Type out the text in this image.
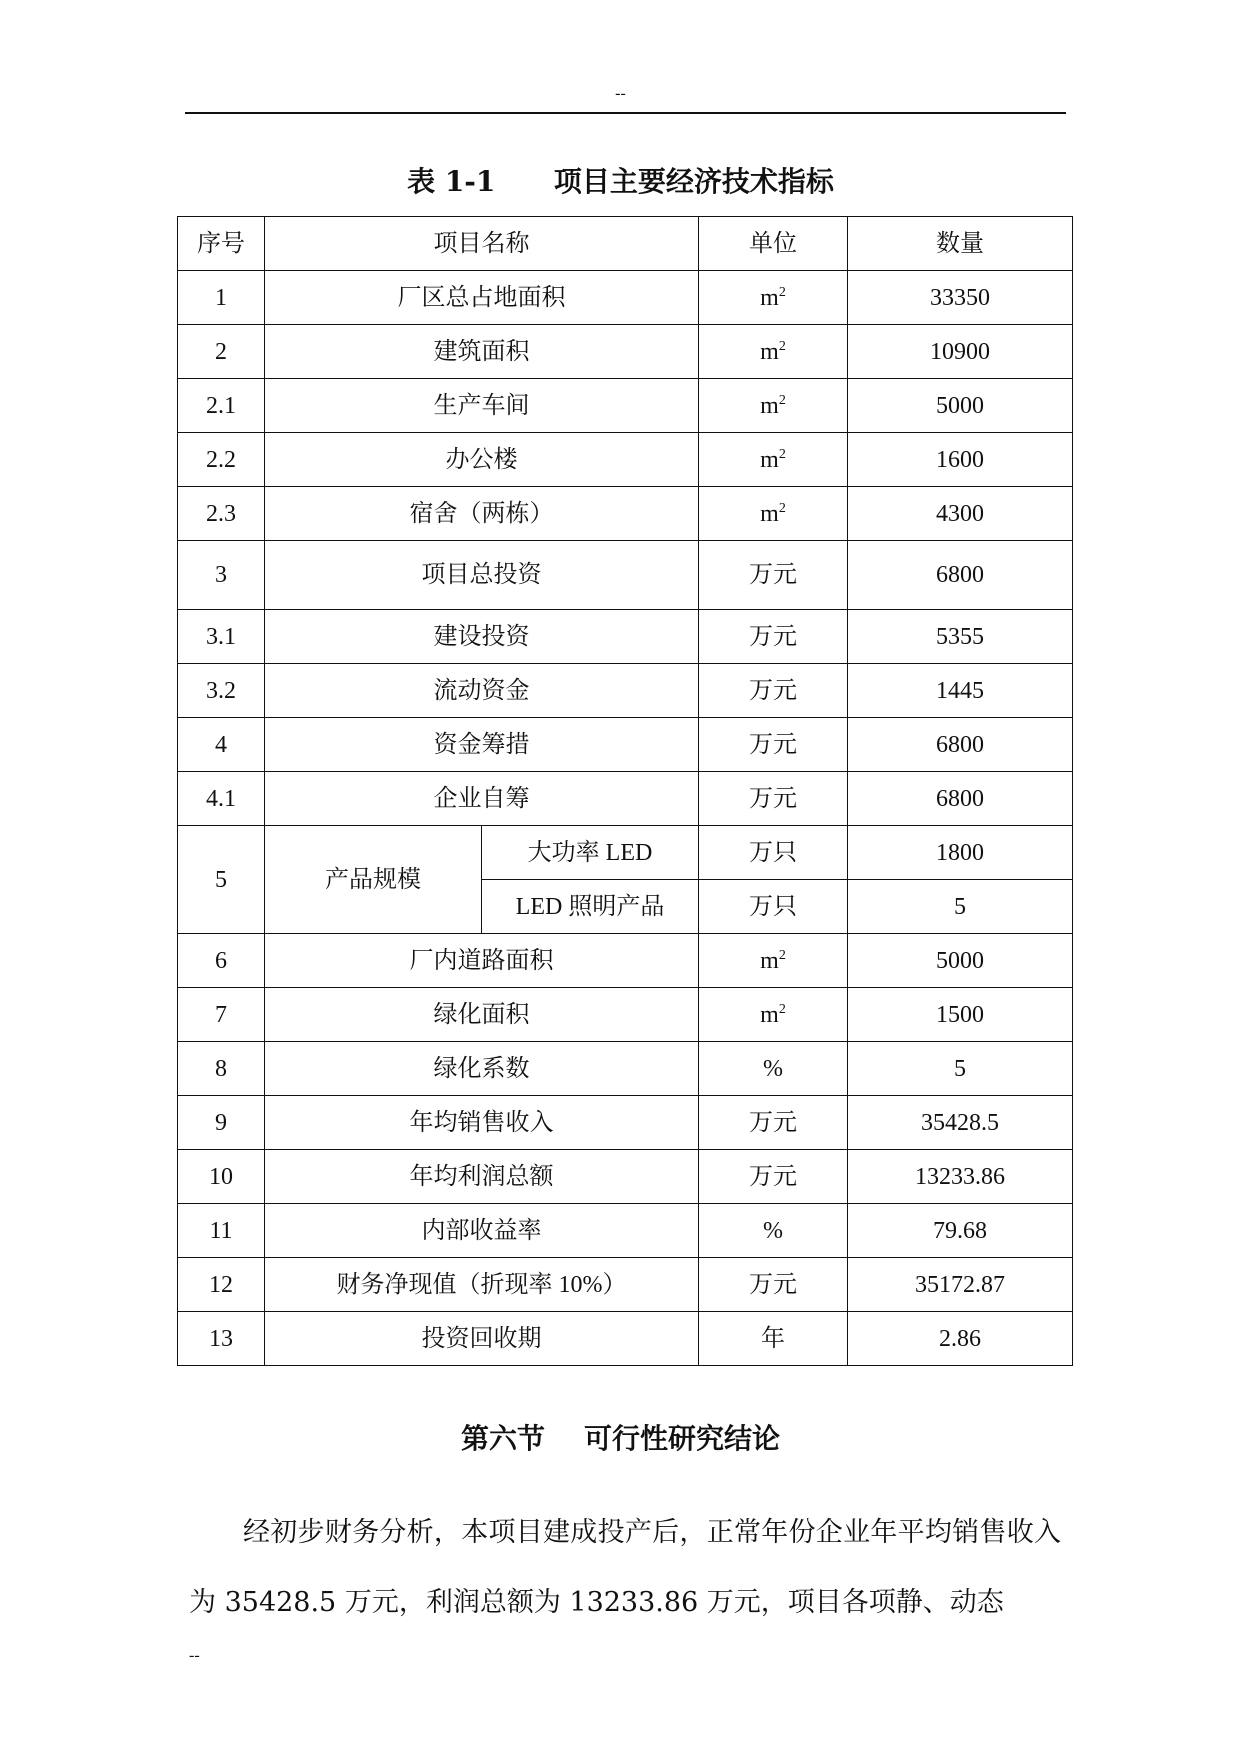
--
表 1-1      项目主要经济技术指标
序号	项目名称		单位	数量
1	厂区总占地面积		$m^2$	33350
2	建筑面积		$m^2$	10900
2.1	生产车间		$m^2$	5000
2.2	办公楼		$m^2$	1600
2.3	宿舍（两栋）		$m^2$	4300
3	项目总投资		万元	6800
3.1	建设投资		万元	5355
3.2	流动资金		万元	1445
4	资金筹措		万元	6800
4.1	企业自筹		万元	6800
5	产品规模	大功率 LED	万只	1800
		LED 照明产品	万只	5
6	厂内道路面积		$m^2$	5000
7	绿化面积		$m^2$	1500
8	绿化系数		%	5
9	年均销售收入		万元	35428.5
10	年均利润总额		万元	13233.86
11	内部收益率		%	79.68
12	财务净现值（折现率 10%）		万元	35172.87
13	投资回收期		年	2.86
第六节    可行性研究结论

经初步财务分析，本项目建成投产后，正常年份企业年平均销售收入为 35428.5 万元，利润总额为 13233.86 万元，项目各项静、动态

--
